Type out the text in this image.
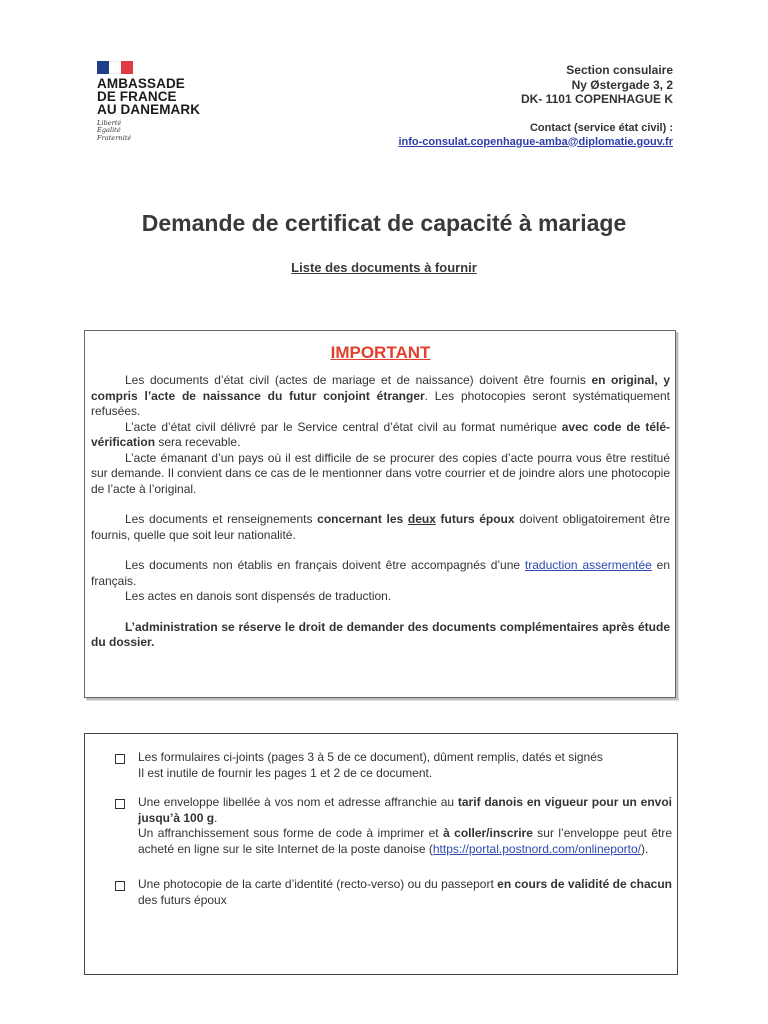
AMBASSADE
DE FRANCE
AU DANEMARK
Liberté
Égalité
Fraternité
Section consulaire
Ny Østergade 3, 2
DK- 1101 COPENHAGUE K
Contact (service état civil) :
info-consulat.copenhague-amba@diplomatie.gouv.fr
Demande de certificat de capacité à mariage
Liste des documents à fournir
IMPORTANT

Les documents d’état civil (actes de mariage et de naissance) doivent être fournis en original, y compris l’acte de naissance du futur conjoint étranger. Les photocopies seront systématiquement refusées.

L’acte d’état civil délivré par le Service central d’état civil au format numérique avec code de télé-vérification sera recevable.

L’acte émanant d’un pays où il est difficile de se procurer des copies d’acte pourra vous être restitué sur demande. Il convient dans ce cas de le mentionner dans votre courrier et de joindre alors une photocopie de l’acte à l’original.

Les documents et renseignements concernant les deux futurs époux doivent obligatoirement être fournis, quelle que soit leur nationalité.

Les documents non établis en français doivent être accompagnés d’une traduction assermentée en français.

Les actes en danois sont dispensés de traduction.

L’administration se réserve le droit de demander des documents complémentaires après étude du dossier.

Les formulaires ci-joints (pages 3 à 5 de ce document), dûment remplis, datés et signés
Il est inutile de fournir les pages 1 et 2 de ce document.
Une enveloppe libellée à vos nom et adresse affranchie au tarif danois en vigueur pour un envoi jusqu’à 100 g.
Un affranchissement sous forme de code à imprimer et à coller/inscrire sur l’enveloppe peut être acheté en ligne sur le site Internet de la poste danoise (https://portal.postnord.com/onlineporto/).
Une photocopie de la carte d’identité (recto-verso) ou du passeport en cours de validité de chacun des futurs époux
